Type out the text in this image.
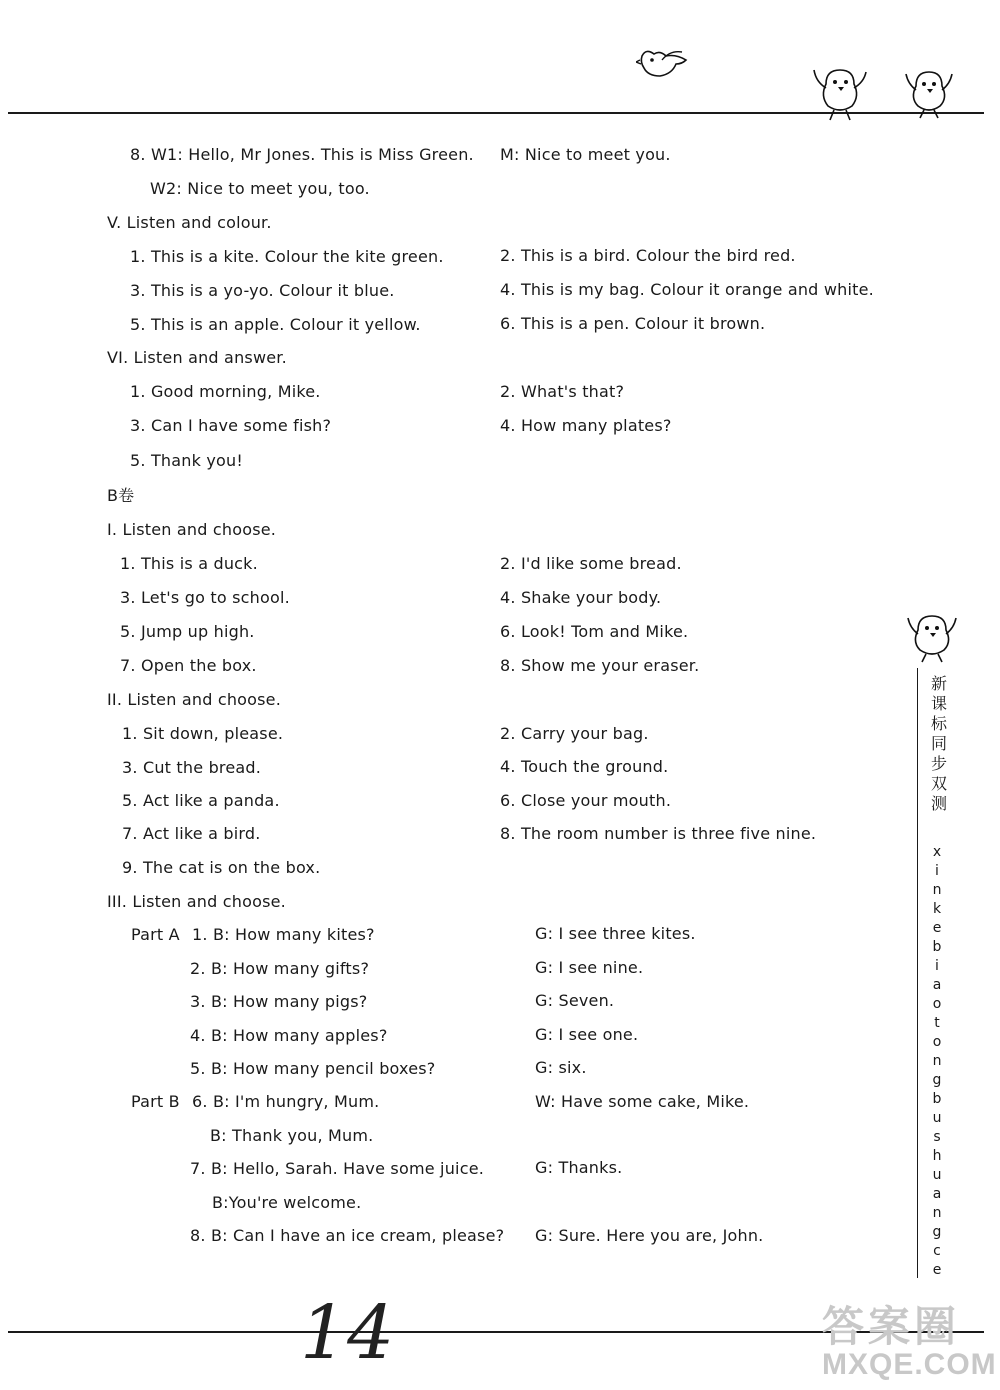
8. W1: Hello, Mr Jones. This is Miss Green. M: Nice to meet you.
W2: Nice to meet you, too.
V. Listen and colour.
1. This is a kite. Colour the kite green.	2. This is a bird. Colour the bird red.
3. This is a yo-yo. Colour it blue.	4. This is my bag. Colour it orange and white.
5. This is an apple. Colour it yellow.	6. This is a pen. Colour it brown.
VI. Listen and answer.
1. Good morning, Mike.	2. What's that?
3. Can I have some fish?	4. How many plates?
5. Thank you!
B卷
I. Listen and choose.
1. This is a duck.	2. I'd like some bread.
3. Let's go to school.	4. Shake your body.
5. Jump up high.	6. Look! Tom and Mike.
7. Open the box.	8. Show me your eraser.
II. Listen and choose.
1. Sit down, please.	2. Carry your bag.
3. Cut the bread.	4. Touch the ground.
5. Act like a panda.	6. Close your mouth.
7. Act like a bird.	8. The room number is three five nine.
9. The cat is on the box.
III. Listen and choose.
Part A 1. B: How many kites?	G: I see three kites.
2. B: How many gifts?	G: I see nine.
3. B: How many pigs?	G: Seven.
4. B: How many apples?	G: I see one.
5. B: How many pencil boxes?	G: six.
Part B 6. B: I'm hungry, Mum.	W: Have some cake, Mike.
B: Thank you, Mum.
7. B: Hello, Sarah. Have some juice.	G: Thanks.
B:You're welcome.
8. B: Can I have an ice cream, please? G: Sure. Here you are, John.
新
课
标
同
步
双
测
x
i
n
k
e
b
i
a
o
t
o
n
g
b
u
s
h
u
a
n
g
c
e
14	答案圈
MXQE.COM
